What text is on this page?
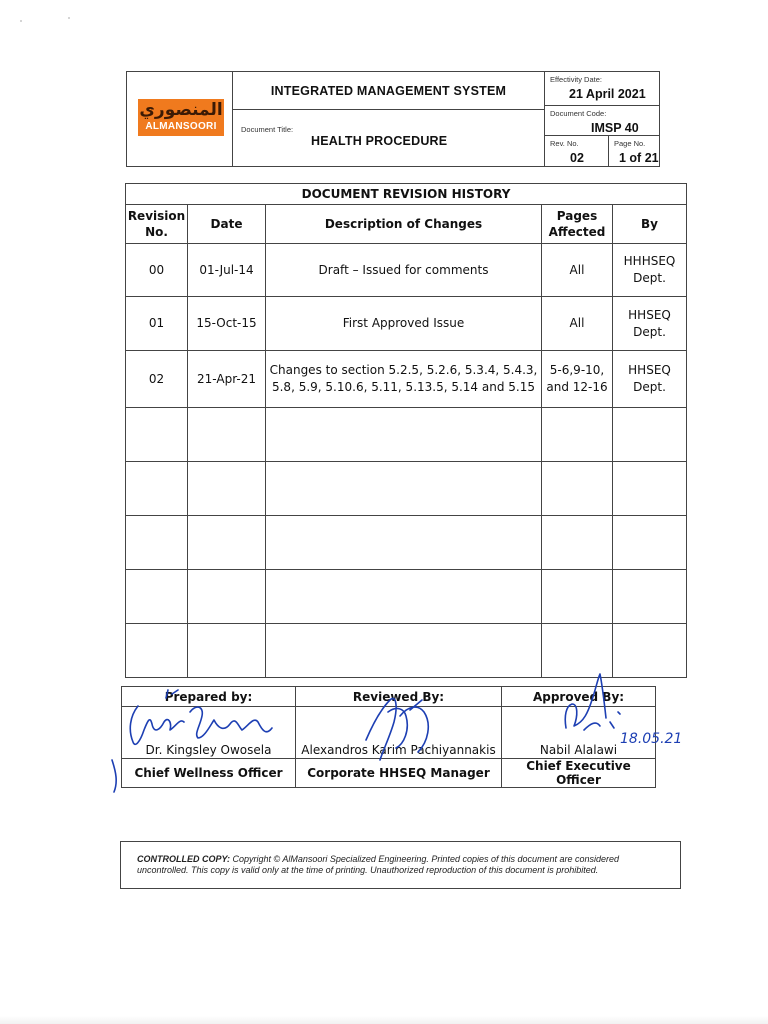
المنصوري
ALMANSOORI
INTEGRATED MANAGEMENT SYSTEM
Document Title:
HEALTH PROCEDURE
Effectivity Date:
21 April 2021
Document Code:
IMSP 40
Rev. No.
02
Page No.
1 of 21
DOCUMENT REVISION HISTORY				
Revision No.	Date	Description of Changes	Pages Affected	By
00	01-Jul-14	Draft – Issued for comments	All	HHHSEQ Dept.
01	15-Oct-15	First Approved Issue	All	HHSEQ Dept.
02	21-Apr-21	Changes to section 5.2.5, 5.2.6, 5.3.4, 5.4.3, 5.8, 5.9, 5.10.6, 5.11, 5.13.5, 5.14 and 5.15	5-6,9-10, and 12-16	HHSEQ Dept.

Prepared by:	Reviewed By:	Approved By:
Dr. Kingsley Owosela	Alexandros Karim Pachiyannakis	Nabil Alalawi
Chief Wellness Officer	Corporate HHSEQ Manager	Chief Executive Officer
18.05.21
CONTROLLED COPY: Copyright © AlMansoori Specialized Engineering. Printed copies of this document are considered uncontrolled. This copy is valid only at the time of printing. Unauthorized reproduction of this document is prohibited.
